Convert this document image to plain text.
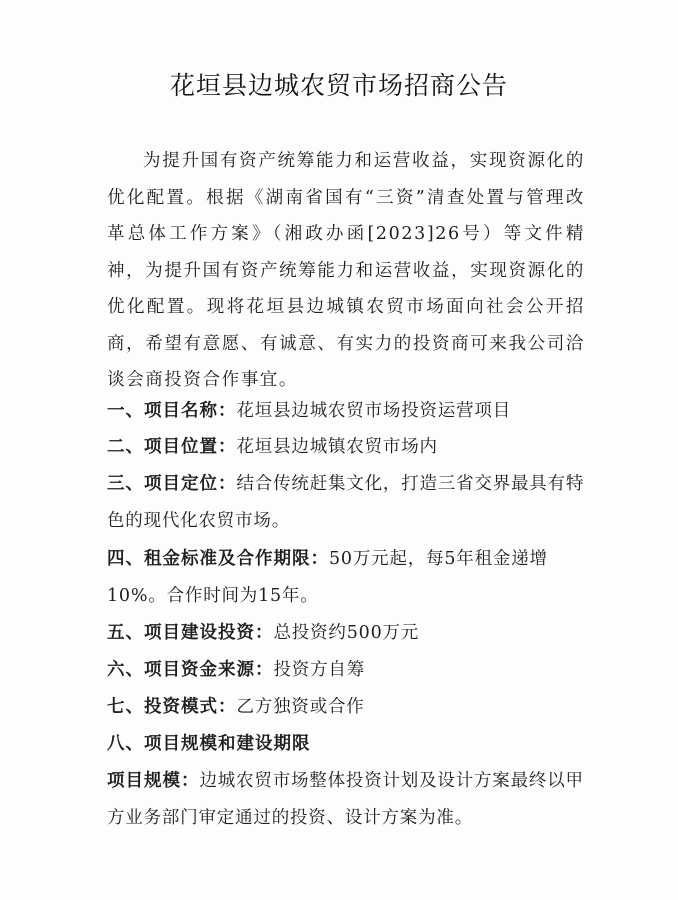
花垣县边城农贸市场招商公告
为提升国有资产统筹能力和运营收益，实现资源化的优化配置。根据《湖南省国有“三资”清查处置与管理改革总体工作方案》（湘政办函[2023]26号）等文件精神，为提升国有资产统筹能力和运营收益，实现资源化的优化配置。现将花垣县边城镇农贸市场面向社会公开招商，希望有意愿、有诚意、有实力的投资商可来我公司洽谈会商投资合作事宜。
一、项目名称：花垣县边城农贸市场投资运营项目
二、项目位置：花垣县边城镇农贸市场内
三、项目定位：结合传统赶集文化，打造三省交界最具有特色的现代化农贸市场。
四、租金标准及合作期限：50万元起，每5年租金递增10%。合作时间为15年。
五、项目建设投资：总投资约500万元
六、项目资金来源：投资方自筹
七、投资模式：乙方独资或合作
八、项目规模和建设期限
项目规模：边城农贸市场整体投资计划及设计方案最终以甲方业务部门审定通过的投资、设计方案为准。
